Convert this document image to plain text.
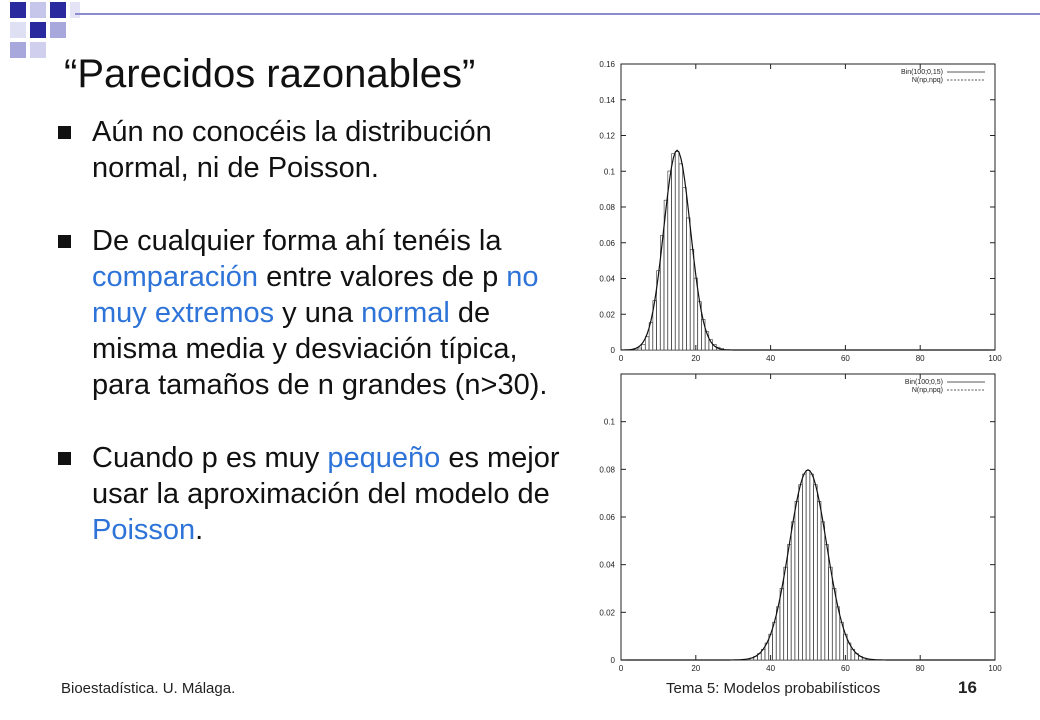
“Parecidos razonables”
Aún no conocéis la distribución normal, ni de Poisson.
De cualquier forma ahí tenéis la comparación entre valores de p no muy extremos y una normal de misma media y desviación típica, para tamaños de n grandes (n>30).
Cuando p es muy pequeño es mejor usar la aproximación del modelo de Poisson.
0
0.02
0.04
0.06
0.08
0.1
0.12
0.14
0.16
0	20	40	60	80	100
Bin(100;0,15)
N(np,npq)
0
0.02
0.04
0.06
0.08
0.1
0	20	40	60	80	100
Bin(100;0,5)
N(np,npq)
Bioestadística. U. Málaga.	Tema 5: Modelos probabilísticos	16
